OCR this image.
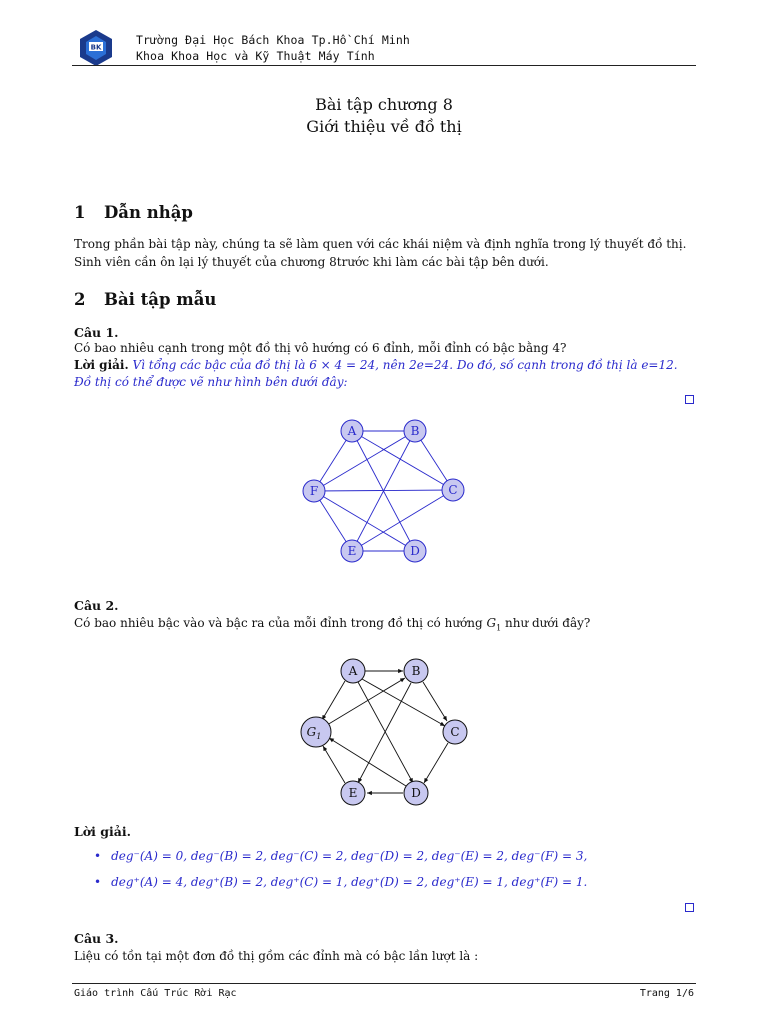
BK
Trường Đại Học Bách Khoa Tp.Hồ Chí Minh
Khoa Khoa Học và Kỹ Thuật Máy Tính
Bài tập chương 8
Giới thiệu về đồ thị
1 Dẫn nhập
Trong phần bài tập này, chúng ta sẽ làm quen với các khái niệm và định nghĩa trong lý thuyết đồ thị.
Sinh viên cần ôn lại lý thuyết của chương 8trước khi làm các bài tập bên dưới.
2 Bài tập mẫu
Câu 1.
Có bao nhiêu cạnh trong một đồ thị vô hướng có 6 đỉnh, mỗi đỉnh có bậc bằng 4?
Lời giải. Vì tổng các bậc của đồ thị là 6 × 4 = 24, nên 2e=24. Do đó, số cạnh trong đồ thị là e=12.
Đồ thị có thể được vẽ như hình bên dưới đây:
A	B
C
D
E
F
Câu 2.
Có bao nhiêu bậc vào và bậc ra của mỗi đỉnh trong đồ thị có hướng $G_1$ như dưới đây?
A	B
C
D
E
$G_1$
Lời giải.
• deg⁻(A) = 0, deg⁻(B) = 2, deg⁻(C) = 2, deg⁻(D) = 2, deg⁻(E) = 2, deg⁻(F) = 3,
• deg⁺(A) = 4, deg⁺(B) = 2, deg⁺(C) = 1, deg⁺(D) = 2, deg⁺(E) = 1, deg⁺(F) = 1.
Câu 3.
Liệu có tồn tại một đơn đồ thị gồm các đỉnh mà có bậc lần lượt là :
Giáo trình Cấu Trúc Rời Rạc	Trang 1/6
